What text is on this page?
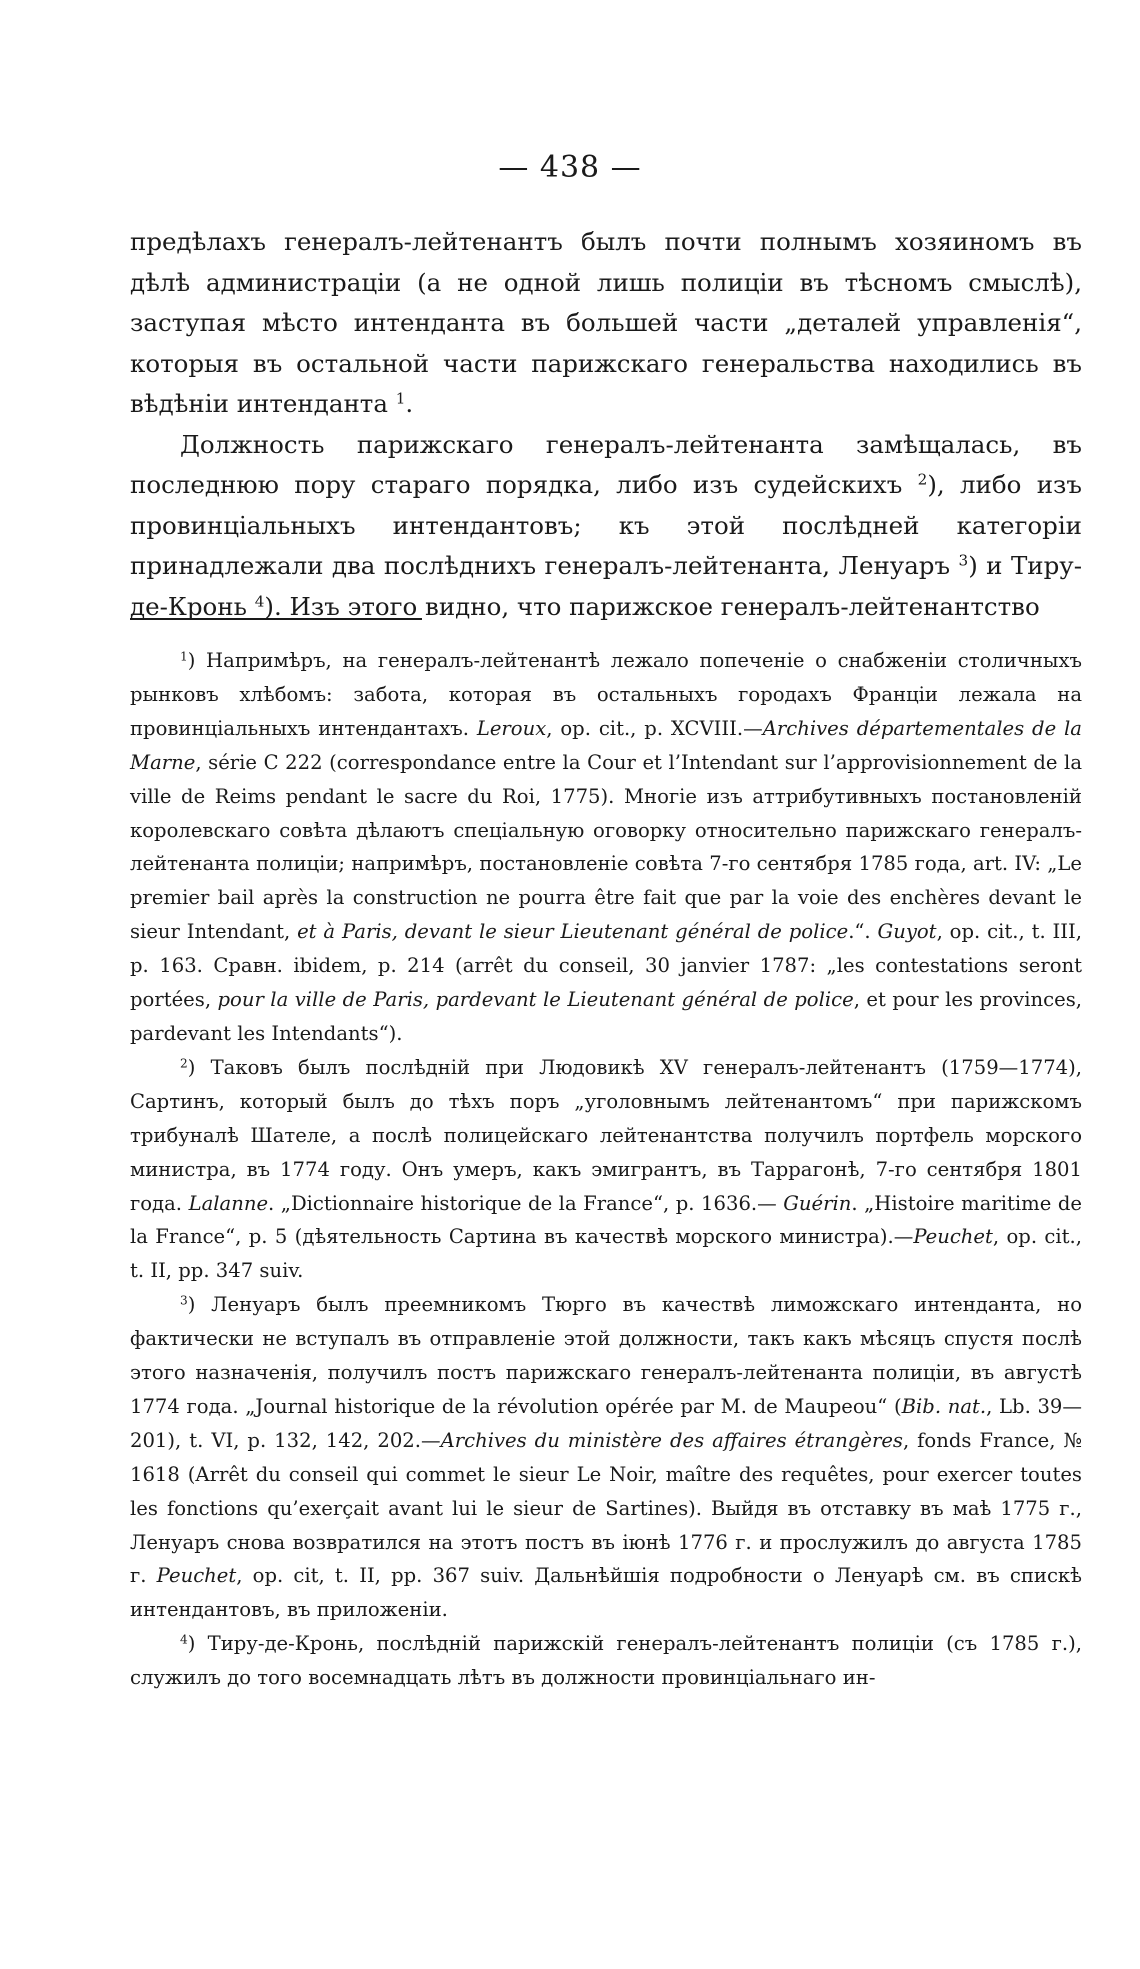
— 438 —

предѣлахъ генералъ-лейтенантъ былъ почти полнымъ хозяиномъ въ дѣлѣ администраціи (а не одной лишь полиціи въ тѣсномъ смыслѣ), заступая мѣсто интенданта въ большей части „деталей управленія“, которыя въ остальной части парижскаго генеральства находились въ вѣдѣніи интенданта $^1$.

Должность парижскаго генералъ-лейтенанта замѣщалась, въ последнюю пору стараго порядка, либо изъ судейскихъ $^2$), либо изъ провинціальныхъ интендантовъ; къ этой послѣдней категоріи принадлежали два послѣднихъ генералъ-лейтенанта, Ленуаръ $^3$) и Тиру-де-Кронь $^4$). Изъ этого видно, что парижское генералъ-лейтенантство

$^1$) Напримѣръ, на генералъ-лейтенантѣ лежало попеченіе о снабженіи столичныхъ рынковъ хлѣбомъ: забота, которая въ остальныхъ городахъ Франціи лежала на провинціальныхъ интендантахъ. Leroux, op. cit., p. XCVIII.—Archives départementales de la Marne, série C 222 (correspondance entre la Cour et l’Intendant sur l’approvisionnement de la ville de Reims pendant le sacre du Roi, 1775). Многіе изъ аттрибутивныхъ постановленій королевскаго совѣта дѣлаютъ спеціальную оговорку относительно парижскаго генералъ-лейтенанта полиціи; напримѣръ, постановленіе совѣта 7-го сентября 1785 года, art. IV: „Le premier bail après la construction ne pourra être fait que par la voie des enchères devant le sieur Intendant, et à Paris, devant le sieur Lieutenant général de police.“. Guyot, op. cit., t. III, p. 163. Сравн. ibidem, p. 214 (arrêt du conseil, 30 janvier 1787: „les contestations seront portées, pour la ville de Paris, pardevant le Lieutenant général de police, et pour les provinces, pardevant les Intendants“).

$^2$) Таковъ былъ послѣдній при Людовикѣ XV генералъ-лейтенантъ (1759—1774), Сартинъ, который былъ до тѣхъ поръ „уголовнымъ лейтенантомъ“ при парижскомъ трибуналѣ Шателе, а послѣ полицейскаго лейтенантства получилъ портфель морского министра, въ 1774 году. Онъ умеръ, какъ эмигрантъ, въ Таррагонѣ, 7-го сентября 1801 года. Lalanne. „Dictionnaire historique de la France“, p. 1636.— Guérin. „Histoire maritime de la France“, p. 5 (дѣятельность Сартина въ качествѣ морского министра).—Peuchet, op. cit., t. II, pp. 347 suiv.

$^3$) Ленуаръ былъ преемникомъ Тюрго въ качествѣ лиможскаго интенданта, но фактически не вступалъ въ отправленіе этой должности, такъ какъ мѣсяцъ спустя послѣ этого назначенія, получилъ постъ парижскаго генералъ-лейтенанта полиціи, въ августѣ 1774 года. „Journal historique de la révolution opérée par M. de Maupeou“ (Bib. nat., Lb. 39—201), t. VI, p. 132, 142, 202.—Archives du ministère des affaires étrangères, fonds France, № 1618 (Arrêt du conseil qui commet le sieur Le Noir, maître des requêtes, pour exercer toutes les fonctions qu’exerçait avant lui le sieur de Sartines). Выйдя въ отставку въ маѣ 1775 г., Ленуаръ снова возвратился на этотъ постъ въ іюнѣ 1776 г. и прослужилъ до августа 1785 г. Peuchet, op. cit, t. II, pp. 367 suiv. Дальнѣйшія подробности о Ленуарѣ см. въ спискѣ интендантовъ, въ приложеніи.

$^4$) Тиру-де-Кронь, послѣдній парижскій генералъ-лейтенантъ полиціи (съ 1785 г.), служилъ до того восемнадцать лѣтъ въ должности провинціальнаго ин-
